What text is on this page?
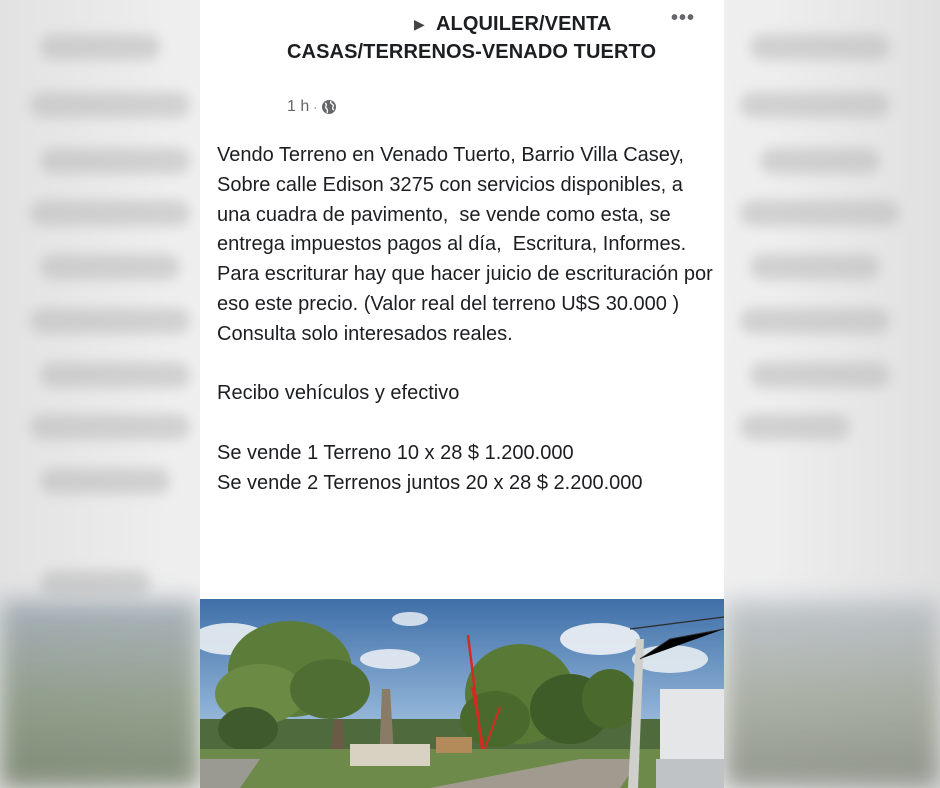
▶ ALQUILER/VENTA
CASAS/TERRENOS-VENADO TUERTO
•••
1 h ·

Vendo Terreno en Venado Tuerto, Barrio Villa Casey, Sobre calle Edison 3275 con servicios disponibles, a una cuadra de pavimento,  se vende como esta, se entrega impuestos pagos al día,  Escritura, Informes.

Para escriturar hay que hacer juicio de escrituración por eso este precio. (Valor real del terreno U$S 30.000 )

Consulta solo interesados reales.

Recibo vehículos y efectivo

Se vende 1 Terreno 10 x 28 $ 1.200.000

Se vende 2 Terrenos juntos 20 x 28 $ 2.200.000
